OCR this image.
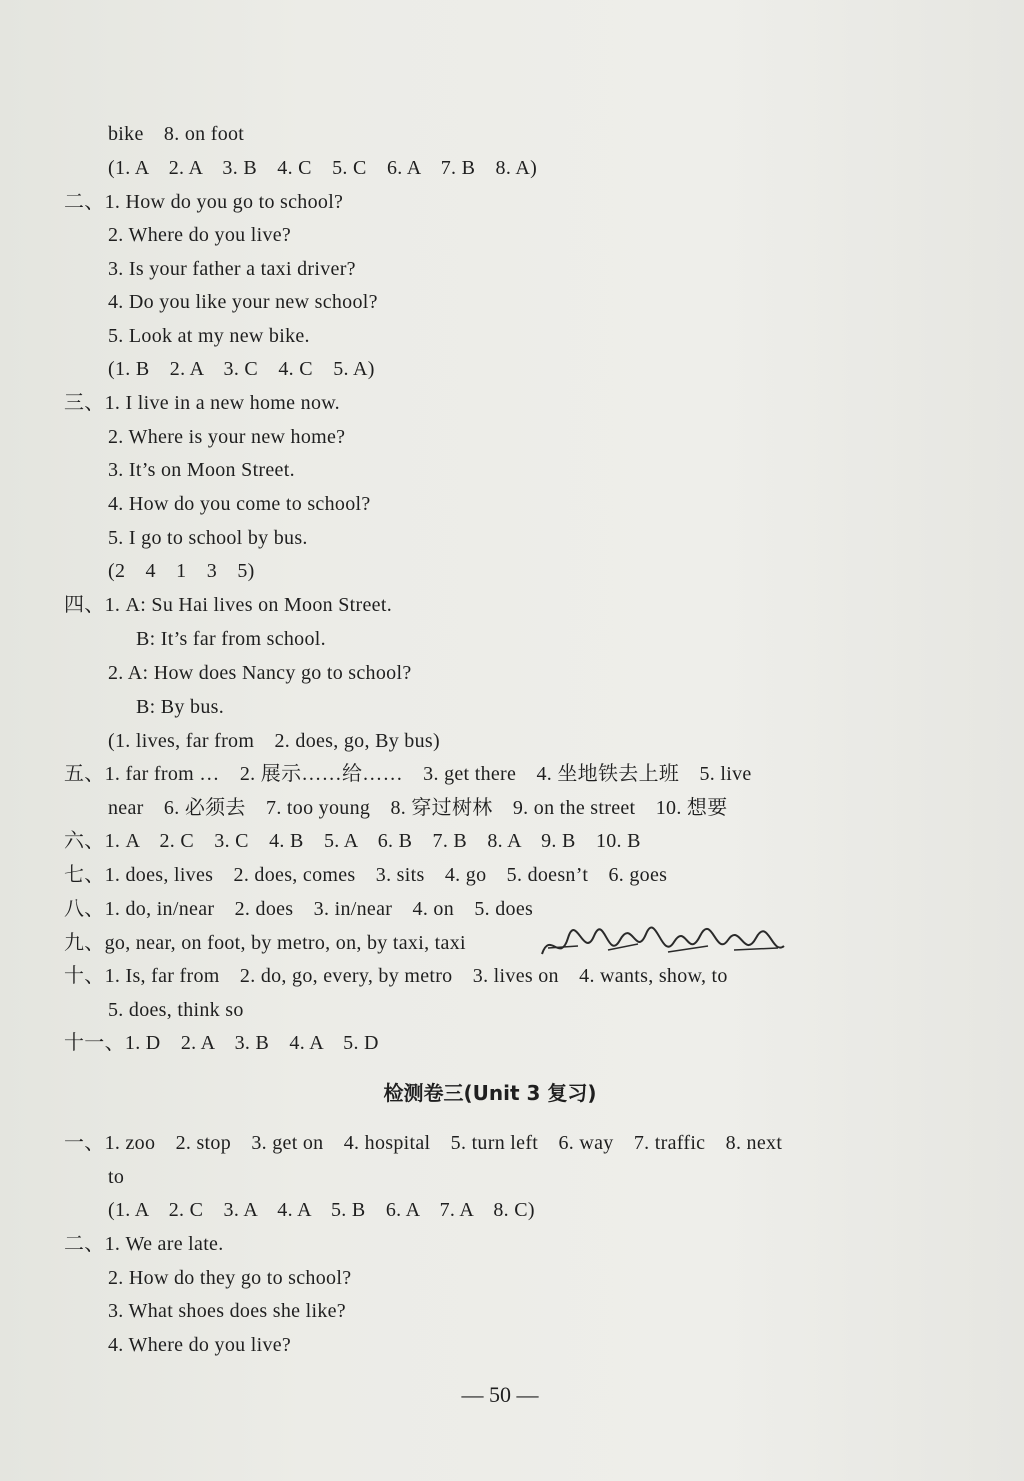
bike　8. on foot
(1. A　2. A　3. B　4. C　5. C　6. A　7. B　8. A)
二、1. How do you go to school?
2. Where do you live?
3. Is your father a taxi driver?
4. Do you like your new school?
5. Look at my new bike.
(1. B　2. A　3. C　4. C　5. A)
三、1. I live in a new home now.
2. Where is your new home?
3. It’s on Moon Street.
4. How do you come to school?
5. I go to school by bus.
(2　4　1　3　5)
四、1. A: Su Hai lives on Moon Street.
B: It’s far from school.
2. A: How does Nancy go to school?
B: By bus.
(1. lives, far from　2. does, go, By bus)
五、1. far from …　2. 展示……给……　3. get there　4. 坐地铁去上班　5. live
near　6. 必须去　7. too young　8. 穿过树林　9. on the street　10. 想要
六、1. A　2. C　3. C　4. B　5. A　6. B　7. B　8. A　9. B　10. B
七、1. does, lives　2. does, comes　3. sits　4. go　5. doesn’t　6. goes
八、1. do, in/near　2. does　3. in/near　4. on　5. does
九、go, near, on foot, by metro, on, by taxi, taxi
十、1. Is, far from　2. do, go, every, by metro　3. lives on　4. wants, show, to
5. does, think so
十一、1. D　2. A　3. B　4. A　5. D
检测卷三(Unit 3 复习)
一、1. zoo　2. stop　3. get on　4. hospital　5. turn left　6. way　7. traffic　8. next
to
(1. A　2. C　3. A　4. A　5. B　6. A　7. A　8. C)
二、1. We are late.
2. How do they go to school?
3. What shoes does she like?
4. Where do you live?
— 50 —
